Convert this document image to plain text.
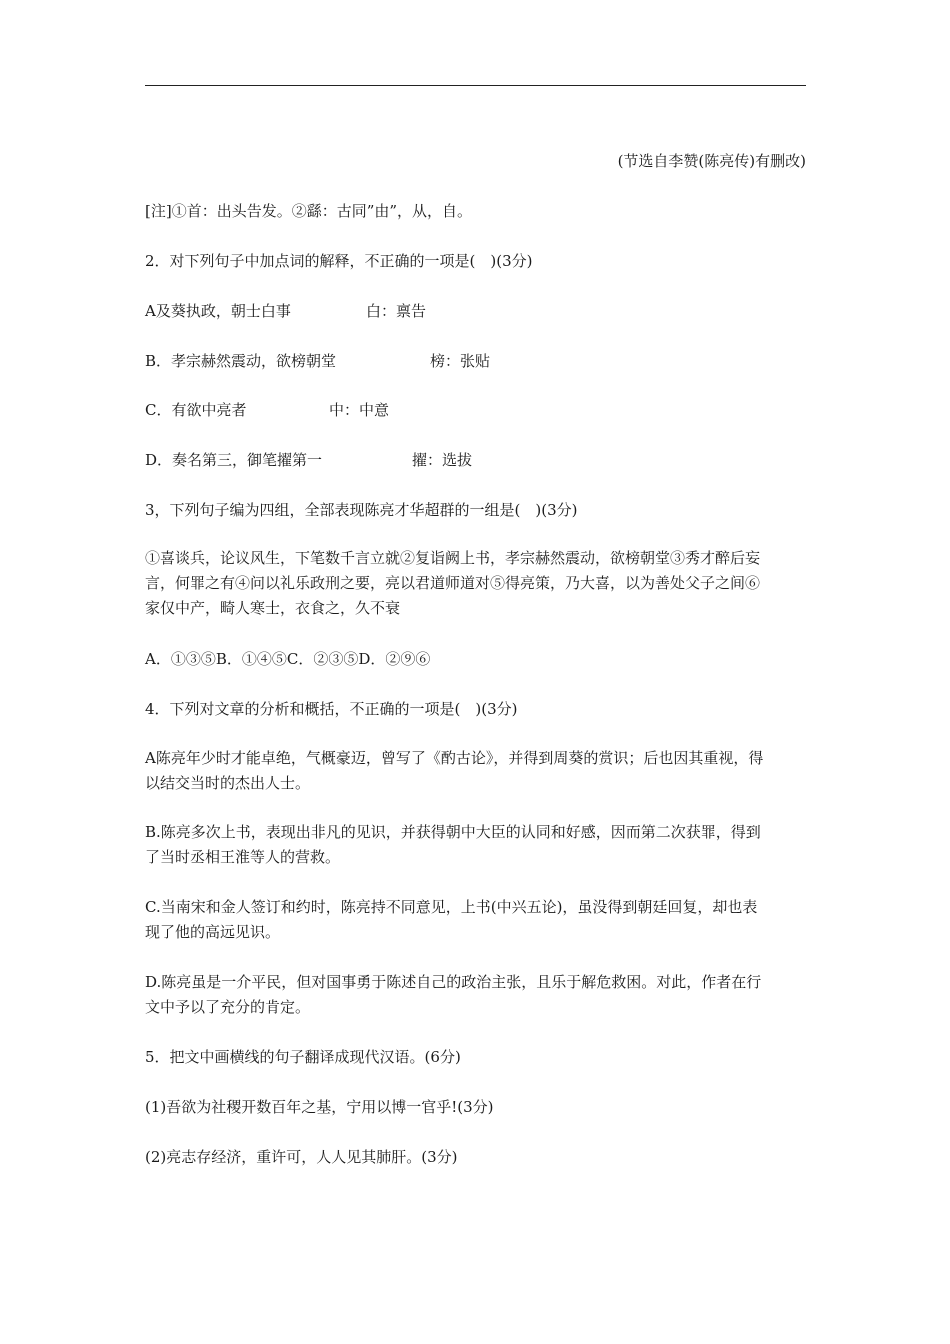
(节选自李赞(陈亮传)有删改)
[注]①首：出头告发。②繇：古同”由”，从，自。
2．对下列句子中加点词的解释，不正确的一项是(　)(3分)
A及葵执政，朝士白事	白：禀告
B．孝宗赫然震动，欲榜朝堂	榜：张贴
C．有欲中亮者	中：中意
D．奏名第三，御笔擢第一	擢：选拔
3，下列句子编为四组，全部表现陈亮才华超群的一组是(　)(3分)
①喜谈兵，论议风生，下笔数千言立就②复诣阙上书，孝宗赫然震动，欲榜朝堂③秀才醉后妄
言，何罪之有④问以礼乐政刑之要，亮以君道师道对⑤得亮策，乃大喜，以为善处父子之间⑥
家仅中产，畸人寒士，衣食之，久不衰
A．①③⑤B．①④⑤C．②③⑤D．②⑨⑥
4．下列对文章的分析和概括，不正确的一项是(　)(3分)
A陈亮年少时才能卓绝，气概豪迈，曾写了《酌古论》，并得到周葵的赏识；后也因其重视，得
以结交当时的杰出人士。
B.陈亮多次上书，表现出非凡的见识，并获得朝中大臣的认同和好感，因而第二次获罪，得到
了当时丞相王淮等人的营救。
C.当南宋和金人签订和约时，陈亮持不同意见，上书(中兴五论)，虽没得到朝廷回复，却也表
现了他的高远见识。
D.陈亮虽是一介平民，但对国事勇于陈述自己的政治主张，且乐于解危救困。对此，作者在行
文中予以了充分的肯定。
5．把文中画横线的句子翻译成现代汉语。(6分)
(1)吾欲为社稷开数百年之基，宁用以博一官乎!(3分)
(2)亮志存经济，重许可，人人见其肺肝。(3分)
